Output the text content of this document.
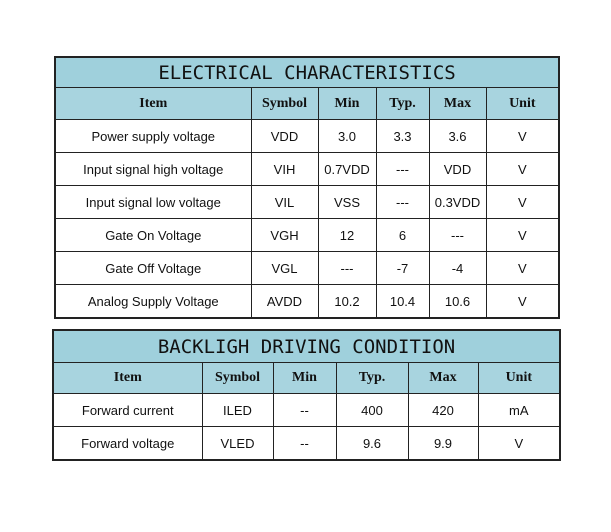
ELECTRICAL CHARACTERISTICS					
Item	Symbol	Min	Typ.	Max	Unit
Power supply voltage	VDD	3.0	3.3	3.6	V
Input signal high voltage	VIH	0.7VDD	---	VDD	V
Input signal low voltage	VIL	VSS	---	0.3VDD	V
Gate On Voltage	VGH	12	6	---	V
Gate Off Voltage	VGL	---	-7	-4	V
Analog Supply Voltage	AVDD	10.2	10.4	10.6	V
BACKLIGH DRIVING CONDITION					
Item	Symbol	Min	Typ.	Max	Unit
Forward current	ILED	--	400	420	mA
Forward voltage	VLED	--	9.6	9.9	V
